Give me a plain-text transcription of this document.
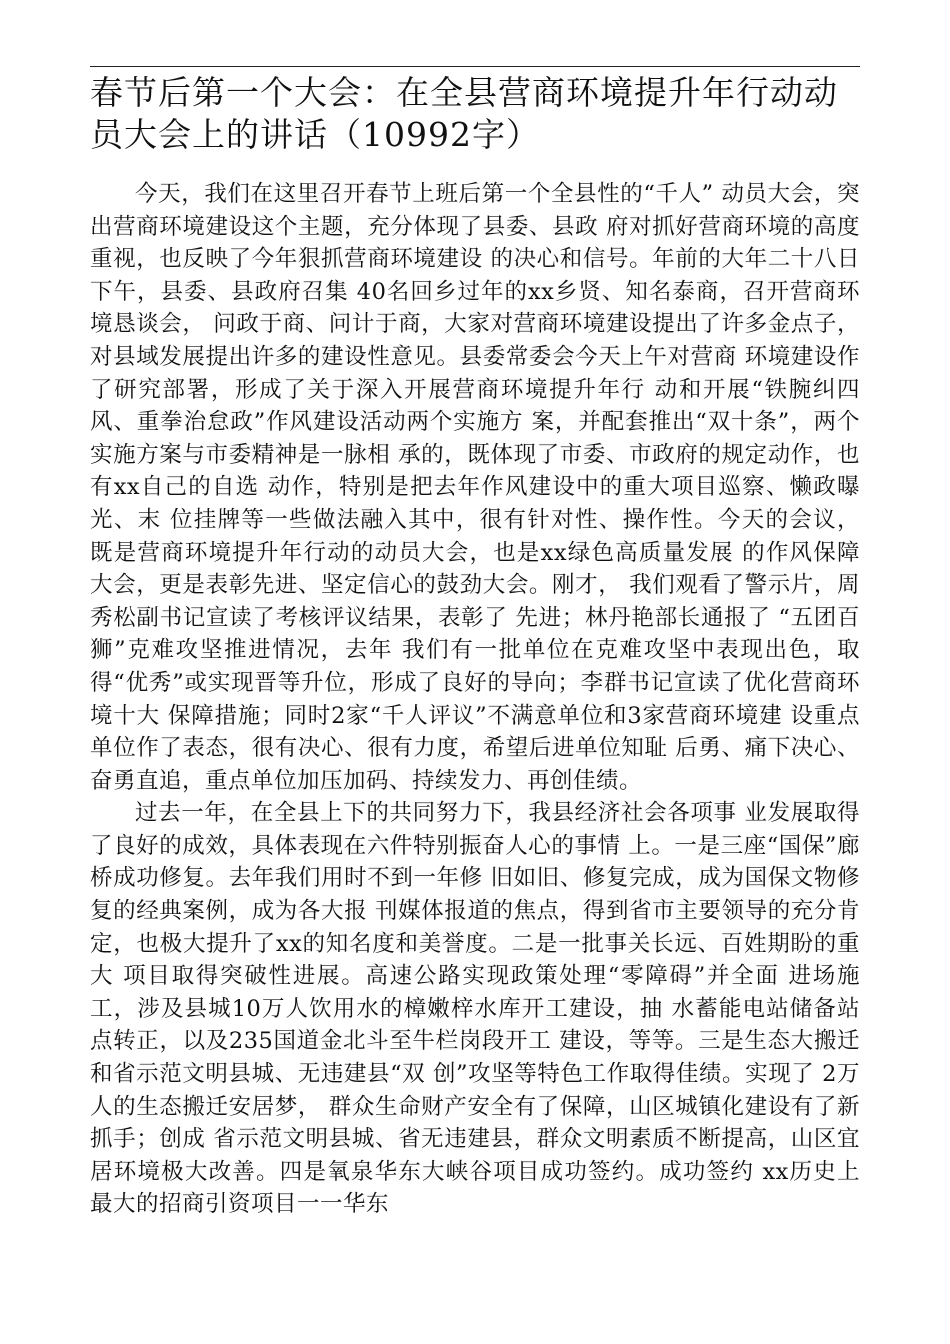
春节后第一个大会：在全县营商环境提升年行动动员大会上的讲话（10992字）

今天，我们在这里召开春节上班后第一个全县性的“千人” 动员大会，突出营商环境建设这个主题，充分体现了县委、县政 府对抓好营商环境的高度重视，也反映了今年狠抓营商环境建设 的决心和信号。年前的大年二十八日下午，县委、县政府召集 40名回乡过年的xx乡贤、知名泰商，召开营商环境恳谈会， 问政于商、问计于商，大家对营商环境建设提出了许多金点子，对县域发展提出许多的建设性意见。县委常委会今天上午对营商 环境建设作了研究部署，形成了关于深入开展营商环境提升年行 动和开展“铁腕纠四风、重拳治怠政”作风建设活动两个实施方 案，并配套推出“双十条”，两个实施方案与市委精神是一脉相 承的，既体现了市委、市政府的规定动作，也有xx自己的自选 动作，特别是把去年作风建设中的重大项目巡察、懒政曝光、末 位挂牌等一些做法融入其中，很有针对性、操作性。今天的会议， 既是营商环境提升年行动的动员大会，也是xx绿色高质量发展 的作风保障大会，更是表彰先进、坚定信心的鼓劲大会。刚才， 我们观看了警示片，周秀松副书记宣读了考核评议结果，表彰了 先进；林丹艳部长通报了 “五团百狮”克难攻坚推进情况，去年 我们有一批单位在克难攻坚中表现出色，取得“优秀”或实现晋等升位，形成了良好的导向；李群书记宣读了优化营商环境十大 保障措施；同时2家“千人评议”不满意单位和3家营商环境建 设重点单位作了表态，很有决心、很有力度，希望后进单位知耻 后勇、痛下决心、奋勇直追，重点单位加压加码、持续发力、再创佳绩。

过去一年，在全县上下的共同努力下，我县经济社会各项事 业发展取得了良好的成效，具体表现在六件特别振奋人心的事情 上。一是三座“国保”廊桥成功修复。去年我们用时不到一年修 旧如旧、修复完成，成为国保文物修复的经典案例，成为各大报 刊媒体报道的焦点，得到省市主要领导的充分肯定，也极大提升了xx的知名度和美誉度。二是一批事关长远、百姓期盼的重大 项目取得突破性进展。高速公路实现政策处理“零障碍”并全面 进场施工，涉及县城10万人饮用水的樟嫩梓水库开工建设，抽 水蓄能电站储备站点转正，以及235国道金北斗至牛栏岗段开工 建设，等等。三是生态大搬迁和省示范文明县城、无违建县“双 创”攻坚等特色工作取得佳绩。实现了 2万人的生态搬迁安居梦， 群众生命财产安全有了保障，山区城镇化建设有了新抓手；创成 省示范文明县城、省无违建县，群众文明素质不断提高，山区宜 居环境极大改善。四是氧泉华东大峡谷项目成功签约。成功签约 xx历史上最大的招商引资项目一一华东
